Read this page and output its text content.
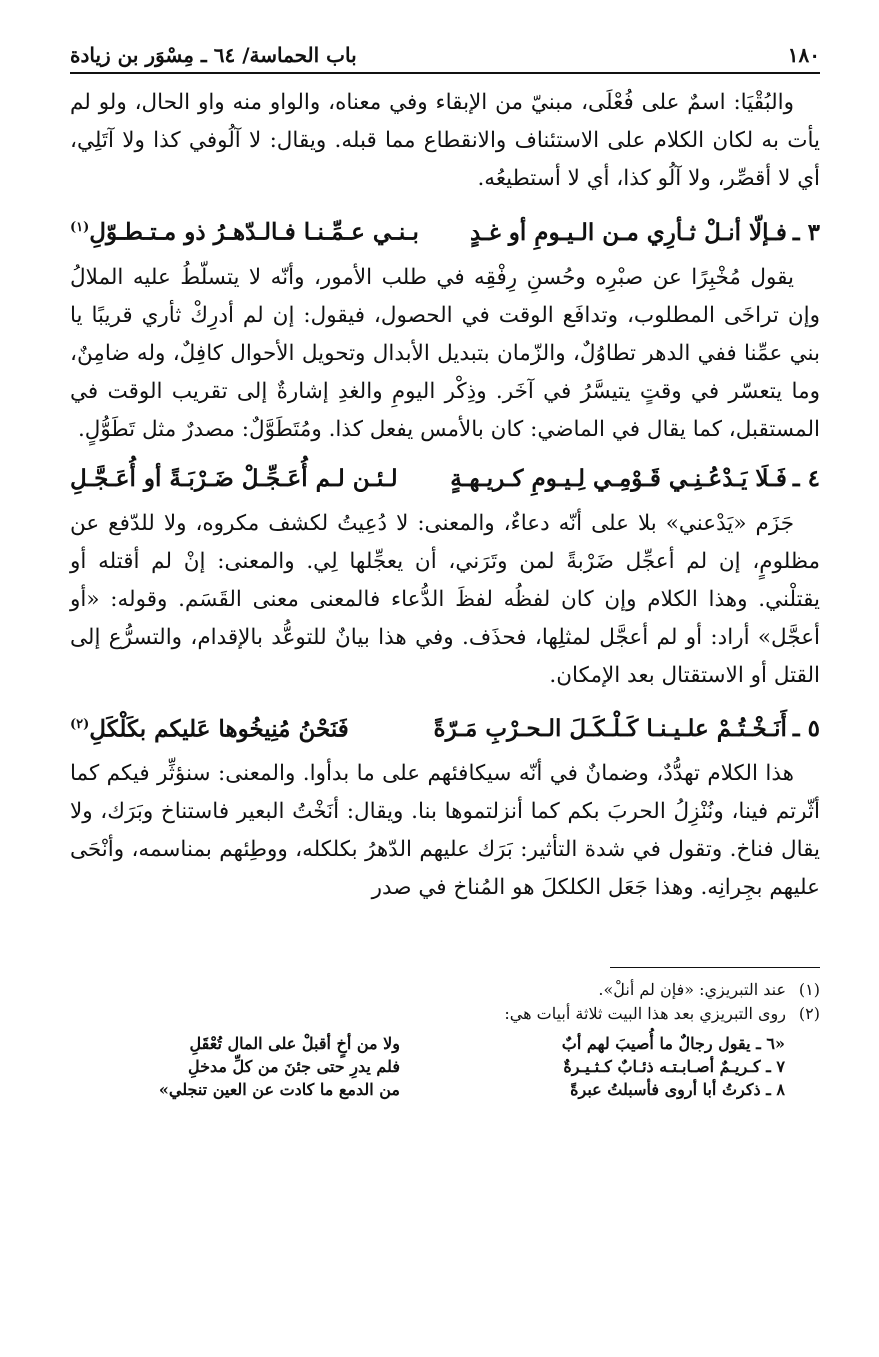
١٨٠
باب الحماسة/ ٦٤ ـ مِسْوَر بن زيادة

والبُقْيَا: اسمٌ على فُعْلَى، مبنيّ من الإبقاء وفي معناه، والواو منه واو الحال، ولو لم يأت به لكان الكلام على الاستئناف والانقطاع مما قبله. ويقال: لا آلُوفي كذا ولا آتَلِي، أي لا أقصِّر، ولا آلُو كذا، أي لا أستطيعُه.

٣ ـ
فـإلّا أنـلْ ثـأرِي مـن الـيـومِ أو غـدٍ
بـنـي عـمِّـنـا فـالـدّهـرُ ذو مـتـطـوّلِ$^{(١)}$

يقول مُخْبِرًا عن صبْرِه وحُسنِ رِفْقِه في طلب الأمور، وأنّه لا يتسلّطُ عليه الملالُ وإن تراخَى المطلوب، وتدافَع الوقت في الحصول، فيقول: إن لم أدرِكْ ثأري قريبًا يا بني عمِّنا ففي الدهر تطاوُلٌ، والزّمان بتبديل الأبدال وتحويل الأحوال كافِلٌ، وله ضامِنٌ، وما يتعسّر في وقتٍ يتيسَّرُ في آخَر. وذِكْر اليومِ والغدِ إشارةٌ إلى تقريب الوقت في المستقبل، كما يقال في الماضي: كان بالأمس يفعل كذا. ومُتَطَوَّلٌ: مصدرٌ مثل تَطَوُّلٍ.

٤ ـ
فَـلَا يَـدْعُـنِـي قَـوْمِـي لِـيـومِ كـريـهـةٍ
لـئـن لـم أُعَـجِّـلْ ضَـرْبَـةً أو أُعَـجَّـلِ

جَزَم «يَدْعني» بلا على أنّه دعاءٌ، والمعنى: لا دُعِيتُ لكشف مكروه، ولا للدّفع عن مظلومٍ، إن لم أعجِّل ضَرْبةً لمن وتَرَني، أن يعجِّلها لِي. والمعنى: إنْ لم أقتله أو يقتلْني. وهذا الكلام وإن كان لفظُه لفظَ الدُّعاء فالمعنى معنى القَسَم. وقوله: «أو أعجَّل» أراد: أو لم أعجَّل لمثلِها، فحذَف. وفي هذا بيانٌ للتوعُّد بالإقدام، والتسرُّع إلى القتل أو الاستقتال بعد الإمكان.

٥ ـ
أَنَـخْـتُـمْ علـيـنـا كَـلْـكَـلَ الـحـرْبِ مَـرّةً
فَنَحْنُ مُنِيخُوها عَليكم بكَلْكَلِ$^{(٢)}$

هذا الكلام تهدُّدٌ، وضمانٌ في أنّه سيكافئهم على ما بدأوا. والمعنى: سنؤثِّر فيكم كما أثّرتم فينا، ونُنْزِلُ الحربَ بكم كما أنزلتموها بنا. ويقال: أنَخْتُ البعير فاستناخ وبَرَك، ولا يقال فناخ. وتقول في شدة التأثير: بَرَك عليهم الدّهرُ بكلكله، ووطِئهم بمناسمه، وأنْحَى عليهم بجِرانِه. وهذا جَعَل الكلكلَ هو المُناخ في صدر

(١)عند التبريزي: «فإن لم أنلْ».

(٢)روى التبريزي بعد هذا البيت ثلاثة أبيات هي:

«٦ ـ يقول رجالٌ ما أُصيبَ لهم أبٌ
ولا من أخٍ أقبلْ على المال تُعْقَلِ
٧ ـ كـريـمٌ أصـابـتـه ذئـابٌ كـثـيـرةٌ
فلم يدرِ حتى جئنَ من كلِّ مدخلِ
٨ ـ ذكرتُ أبا أروى فأسبلتُ عبرةً
من الدمع ما كادت عن العين تنجلي»
